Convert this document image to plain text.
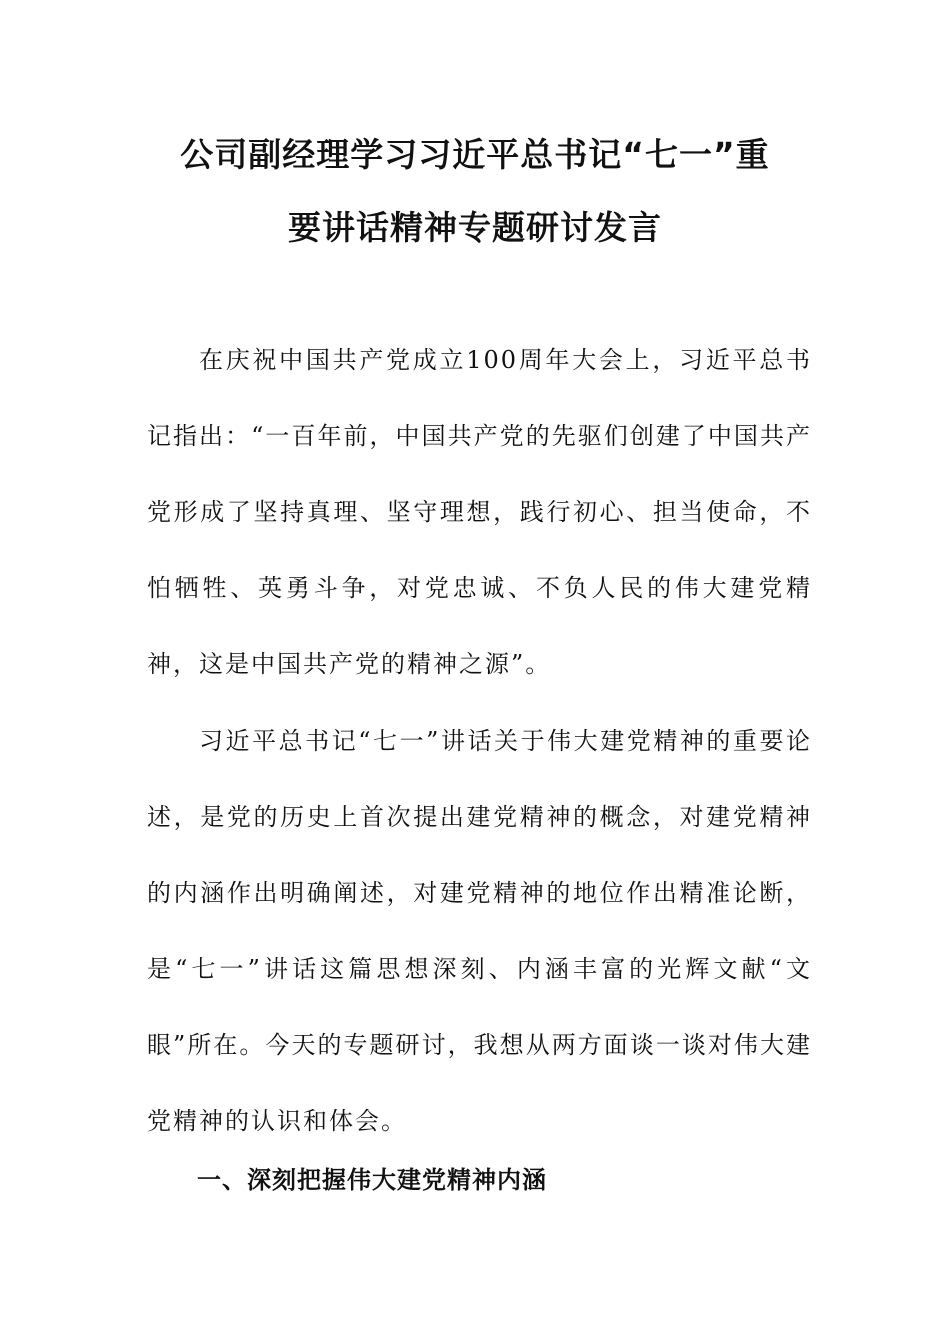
公司副经理学习习近平总书记“七一”重
要讲话精神专题研讨发言

在庆祝中国共产党成立100周年大会上，习近平总书记指出：“一百年前，中国共产党的先驱们创建了中国共产党形成了坚持真理、坚守理想，践行初心、担当使命，不怕牺牲、英勇斗争，对党忠诚、不负人民的伟大建党精神，这是中国共产党的精神之源”。

习近平总书记“七一”讲话关于伟大建党精神的重要论述，是党的历史上首次提出建党精神的概念，对建党精神的内涵作出明确阐述，对建党精神的地位作出精准论断，是“七一”讲话这篇思想深刻、内涵丰富的光辉文献“文眼”所在。今天的专题研讨，我想从两方面谈一谈对伟大建党精神的认识和体会。

一、深刻把握伟大建党精神内涵
